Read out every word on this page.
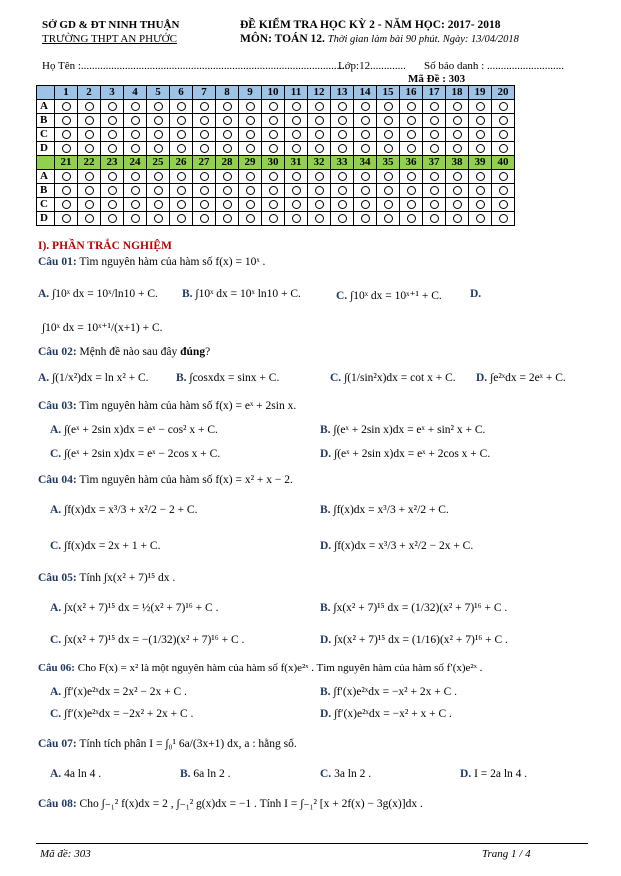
SỞ GD & ĐT NINH THUẬN
TRƯỜNG THPT AN PHƯỚC
ĐỀ KIỂM TRA HỌC KỲ 2 - NĂM HỌC: 2017- 2018
MÔN: TOÁN 12. Thời gian làm bài 90 phút. Ngày: 13/04/2018
Họ Tên :.................................................................................................
Lớp:12............. Số báo danh : ............................
Mã Đề : 303
	1	2	3	4	5	6	7	8	9	10	11	12	13	14	15	16	17	18	19	20
A																				
B																				
C																				
D																				
	21	22	23	24	25	26	27	28	29	30	31	32	33	34	35	36	37	38	39	40
A																				
B																				
C																				
D																				
I). PHẦN TRẮC NGHIỆM
Câu 01: Tìm nguyên hàm của hàm số f(x) = 10ˣ .
A. ∫10ˣ dx = 10ˣ/ln10 + C. B. ∫10ˣ dx = 10ˣ ln10 + C.	C. ∫10ˣ dx = 10ˣ⁺¹ + C. D.
∫10ˣ dx = 10ˣ⁺¹/(x+1) + C.
Câu 02: Mệnh đề nào sau đây đúng?
A. ∫(1/x²)dx = ln x² + C. B. ∫cosxdx = sinx + C.	C. ∫(1/sin²x)dx = cot x + C. D. ∫e²ˣdx = 2eˣ + C.
Câu 03: Tìm nguyên hàm của hàm số f(x) = eˣ + 2sin x.
A. ∫(eˣ + 2sin x)dx = eˣ − cos² x + C.	B. ∫(eˣ + 2sin x)dx = eˣ + sin² x + C.
C. ∫(eˣ + 2sin x)dx = eˣ − 2cos x + C.	D. ∫(eˣ + 2sin x)dx = eˣ + 2cos x + C.
Câu 04: Tìm nguyên hàm của hàm số f(x) = x² + x − 2.
A. ∫f(x)dx = x³/3 + x²/2 − 2 + C.	B. ∫f(x)dx = x³/3 + x²/2 + C.
C. ∫f(x)dx = 2x + 1 + C.	D. ∫f(x)dx = x³/3 + x²/2 − 2x + C.
Câu 05: Tính ∫x(x² + 7)¹⁵ dx .
A. ∫x(x² + 7)¹⁵ dx = ½(x² + 7)¹⁶ + C .	B. ∫x(x² + 7)¹⁵ dx = (1/32)(x² + 7)¹⁶ + C .
C. ∫x(x² + 7)¹⁵ dx = −(1/32)(x² + 7)¹⁶ + C .	D. ∫x(x² + 7)¹⁵ dx = (1/16)(x² + 7)¹⁶ + C .
Câu 06: Cho F(x) = x² là một nguyên hàm của hàm số f(x)e²ˣ . Tìm nguyên hàm của hàm số f′(x)e²ˣ .
A. ∫f′(x)e²ˣdx = 2x² − 2x + C .	B. ∫f′(x)e²ˣdx = −x² + 2x + C .
C. ∫f′(x)e²ˣdx = −2x² + 2x + C .	D. ∫f′(x)e²ˣdx = −x² + x + C .
Câu 07: Tính tích phân I = ∫₀¹ 6a/(3x+1) dx, a : hằng số.
A. 4a ln 4 .	B. 6a ln 2 .	C. 3a ln 2 .	D. I = 2a ln 4 .
Câu 08: Cho ∫₋₁² f(x)dx = 2 , ∫₋₁² g(x)dx = −1 . Tính I = ∫₋₁² [x + 2f(x) − 3g(x)]dx .
Mã đề: 303	Trang 1 / 4
